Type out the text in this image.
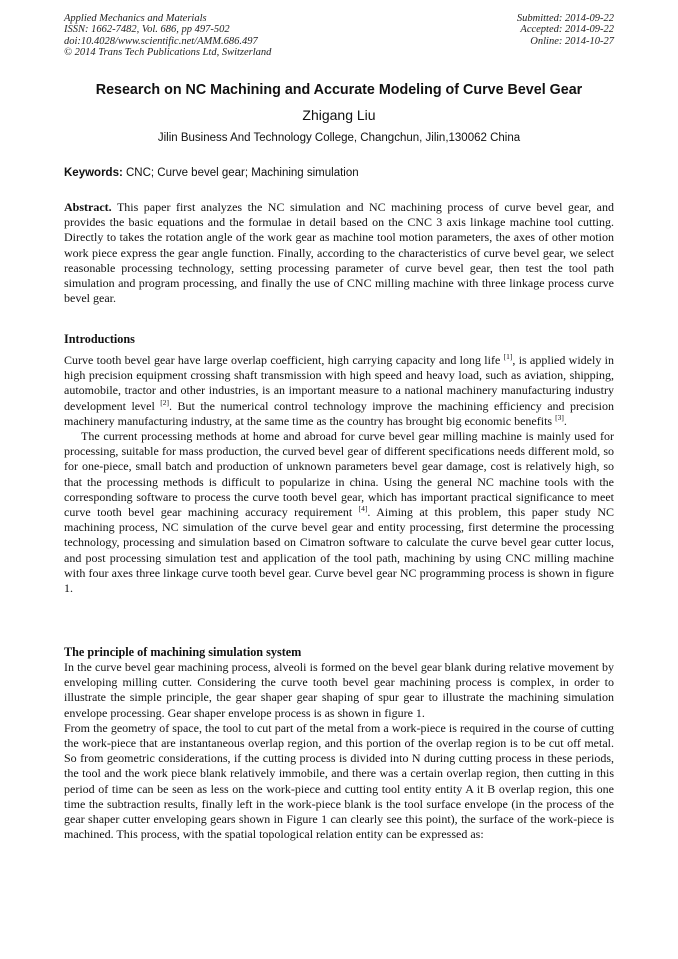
Applied Mechanics and Materials
ISSN: 1662-7482, Vol. 686, pp 497-502
doi:10.4028/www.scientific.net/AMM.686.497
© 2014 Trans Tech Publications Ltd, Switzerland
Submitted: 2014-09-22
Accepted: 2014-09-22
Online: 2014-10-27
Research on NC Machining and Accurate Modeling of Curve Bevel Gear
Zhigang Liu
Jilin Business And Technology College, Changchun, Jilin,130062 China
Keywords: CNC; Curve bevel gear; Machining simulation

Abstract. This paper first analyzes the NC simulation and NC machining process of curve bevel gear, and provides the basic equations and the formulae in detail based on the CNC 3 axis linkage machine tool cutting. Directly to takes the rotation angle of the work gear as machine tool motion parameters, the axes of other motion work piece express the gear angle function. Finally, according to the characteristics of curve bevel gear, we select reasonable processing technology, setting processing parameter of curve bevel gear, then test the tool path simulation and program processing, and finally the use of CNC milling machine with three linkage process curve bevel gear.

Introductions

Curve tooth bevel gear have large overlap coefficient, high carrying capacity and long life [1], is applied widely in high precision equipment crossing shaft transmission with high speed and heavy load, such as aviation, shipping, automobile, tractor and other industries, is an important measure to a national machinery manufacturing industry development level [2]. But the numerical control technology improve the machining efficiency and precision machinery manufacturing industry, at the same time as the country has brought big economic benefits [3].

The current processing methods at home and abroad for curve bevel gear milling machine is mainly used for processing, suitable for mass production, the curved bevel gear of different specifications needs different mold, so for one-piece, small batch and production of unknown parameters bevel gear damage, cost is relatively high, so that the processing methods is difficult to popularize in china. Using the general NC machine tools with the corresponding software to process the curve tooth bevel gear, which has important practical significance to meet curve tooth bevel gear machining accuracy requirement [4]. Aiming at this problem, this paper study NC machining process, NC simulation of the curve bevel gear and entity processing, first determine the processing technology, processing and simulation based on Cimatron software to calculate the curve bevel gear cutter locus, and post processing simulation test and application of the tool path, machining by using CNC milling machine with four axes three linkage curve tooth bevel gear. Curve bevel gear NC programming process is shown in figure 1.

The principle of machining simulation system

In the curve bevel gear machining process, alveoli is formed on the bevel gear blank during relative movement by enveloping milling cutter. Considering the curve tooth bevel gear machining process is complex, in order to illustrate the simple principle, the gear shaper gear shaping of spur gear to illustrate the machining simulation envelope processing. Gear shaper envelope process is as shown in figure 1.

From the geometry of space, the tool to cut part of the metal from a work-piece is required in the course of cutting the work-piece that are instantaneous overlap region, and this portion of the overlap region is to be cut off metal. So from geometric considerations, if the cutting process is divided into N during cutting process in these periods, the tool and the work piece blank relatively immobile, and there was a certain overlap region, then cutting in this period of time can be seen as less on the work-piece and cutting tool entity entity A it B overlap region, this one time the subtraction results, finally left in the work-piece blank is the tool surface envelope (in the process of the gear shaper cutter enveloping gears shown in Figure 1 can clearly see this point), the surface of the work-piece is machined. This process, with the spatial topological relation entity can be expressed as:
